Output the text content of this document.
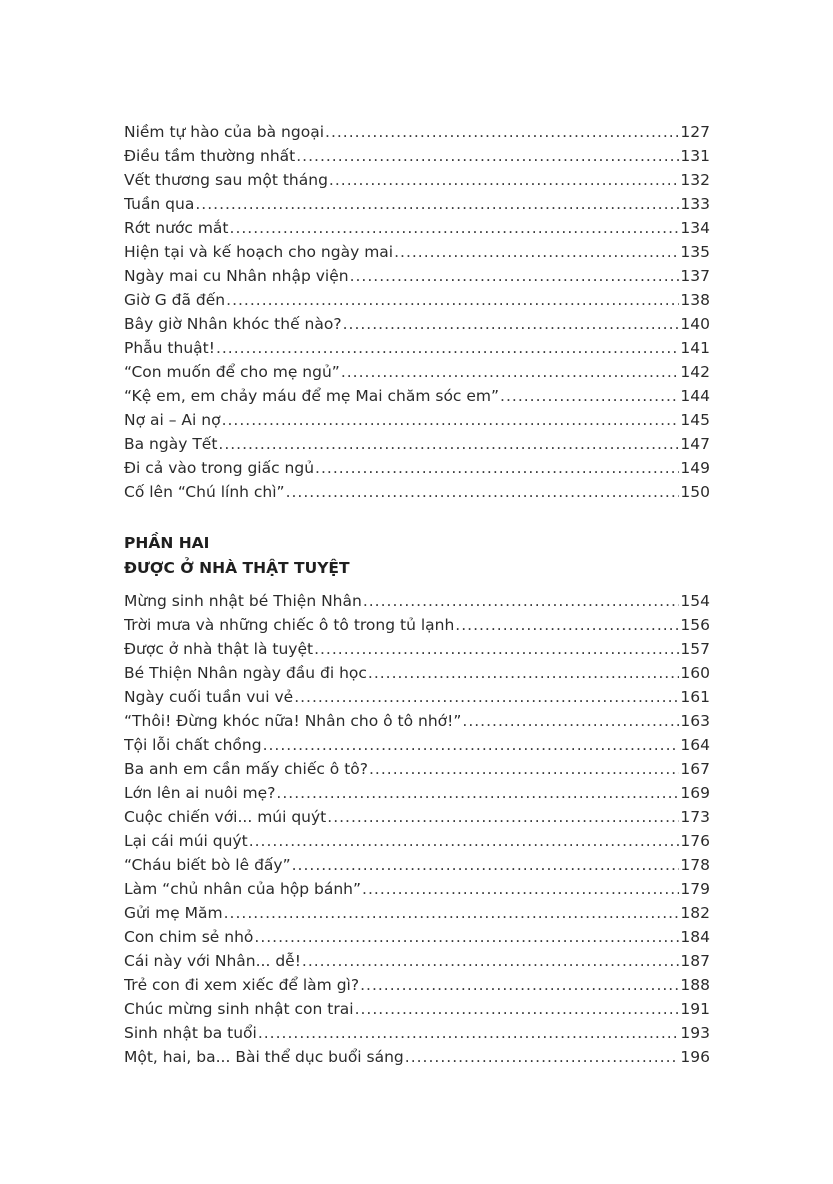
Niềm tự hào của bà ngoại .....	127
Điều tầm thường nhất .....	131
Vết thương sau một tháng .....	132
Tuần qua .....	133
Rớt nước mắt .....	134
Hiện tại và kế hoạch cho ngày mai .....	135
Ngày mai cu Nhân nhập viện .....	137
Giờ G đã đến .....	138
Bây giờ Nhân khóc thế nào? .....	140
Phẫu thuật! .....	141
“Con muốn để cho mẹ ngủ” .....	142
“Kệ em, em chảy máu để mẹ Mai chăm sóc em” .....	144
Nợ ai – Ai nợ .....	145
Ba ngày Tết .....	147
Đi cả vào trong giấc ngủ .....	149
Cố lên “Chú lính chì” .....	150
PHẦN HAI
ĐƯỢC Ở NHÀ THẬT TUYỆT
Mừng sinh nhật bé Thiện Nhân .....	154
Trời mưa và những chiếc ô tô trong tủ lạnh .....	156
Được ở nhà thật là tuyệt .....	157
Bé Thiện Nhân ngày đầu đi học .....	160
Ngày cuối tuần vui vẻ .....	161
“Thôi! Đừng khóc nữa! Nhân cho ô tô nhớ!” .....	163
Tội lỗi chất chồng .....	164
Ba anh em cần mấy chiếc ô tô? .....	167
Lớn lên ai nuôi mẹ? .....	169
Cuộc chiến với... múi quýt .....	173
Lại cái múi quýt .....	176
“Cháu biết bò lê đấy” .....	178
Làm “chủ nhân của hộp bánh” .....	179
Gửi mẹ Măm .....	182
Con chim sẻ nhỏ .....	184
Cái này với Nhân... dễ! .....	187
Trẻ con đi xem xiếc để làm gì? .....	188
Chúc mừng sinh nhật con trai .....	191
Sinh nhật ba tuổi .....	193
Một, hai, ba... Bài thể dục buổi sáng .....	196
